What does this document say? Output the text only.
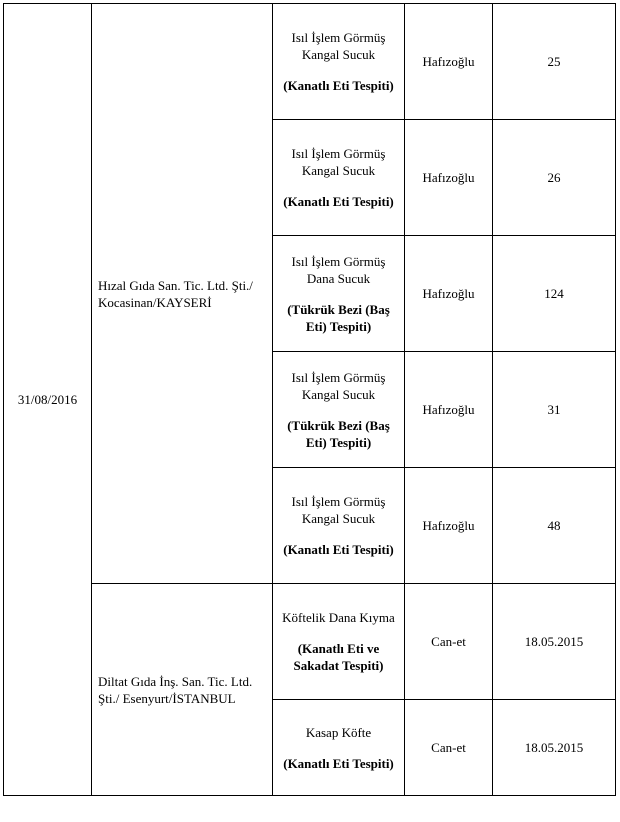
31/08/2016	Hızal Gıda San. Tic. Ltd. Şti./ Kocasinan/KAYSERİ	Isıl İşlem Görmüş Kangal Sucuk
(Kanatlı Eti Tespiti)	Hafızoğlu	25

		Isıl İşlem Görmüş Kangal Sucuk
(Kanatlı Eti Tespiti)	Hafızoğlu	26

		Isıl İşlem Görmüş Dana Sucuk
(Tükrük Bezi (Baş Eti) Tespiti)	Hafızoğlu	124

		Isıl İşlem Görmüş Kangal Sucuk
(Tükrük Bezi (Baş Eti) Tespiti)	Hafızoğlu	31

		Isıl İşlem Görmüş Kangal Sucuk
(Kanatlı Eti Tespiti)	Hafızoğlu	48
	Diltat Gıda İnş. San. Tic. Ltd. Şti./ Esenyurt/İSTANBUL	Köftelik Dana Kıyma
(Kanatlı Eti ve Sakadat Tespiti)	Can-et	18.05.2015

		Kasap Köfte
(Kanatlı Eti Tespiti)	Can-et	18.05.2015
